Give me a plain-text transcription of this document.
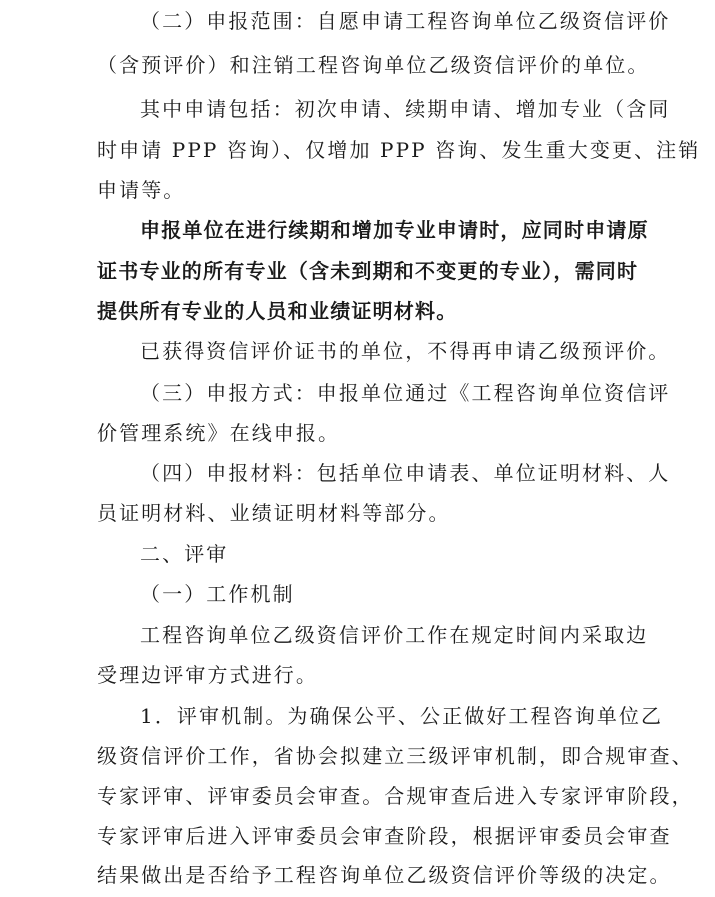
（二）申报范围：自愿申请工程咨询单位乙级资信评价
（含预评价）和注销工程咨询单位乙级资信评价的单位。
其中申请包括：初次申请、续期申请、增加专业（含同
时申请 PPP 咨询）、仅增加 PPP 咨询、发生重大变更、注销
申请等。
申报单位在进行续期和增加专业申请时，应同时申请原
证书专业的所有专业（含未到期和不变更的专业），需同时
提供所有专业的人员和业绩证明材料。
已获得资信评价证书的单位，不得再申请乙级预评价。
（三）申报方式：申报单位通过《工程咨询单位资信评
价管理系统》在线申报。
（四）申报材料：包括单位申请表、单位证明材料、人
员证明材料、业绩证明材料等部分。
二、评审
（一）工作机制
工程咨询单位乙级资信评价工作在规定时间内采取边
受理边评审方式进行。
1．评审机制。为确保公平、公正做好工程咨询单位乙
级资信评价工作，省协会拟建立三级评审机制，即合规审查、
专家评审、评审委员会审查。合规审查后进入专家评审阶段，
专家评审后进入评审委员会审查阶段，根据评审委员会审查
结果做出是否给予工程咨询单位乙级资信评价等级的决定。
